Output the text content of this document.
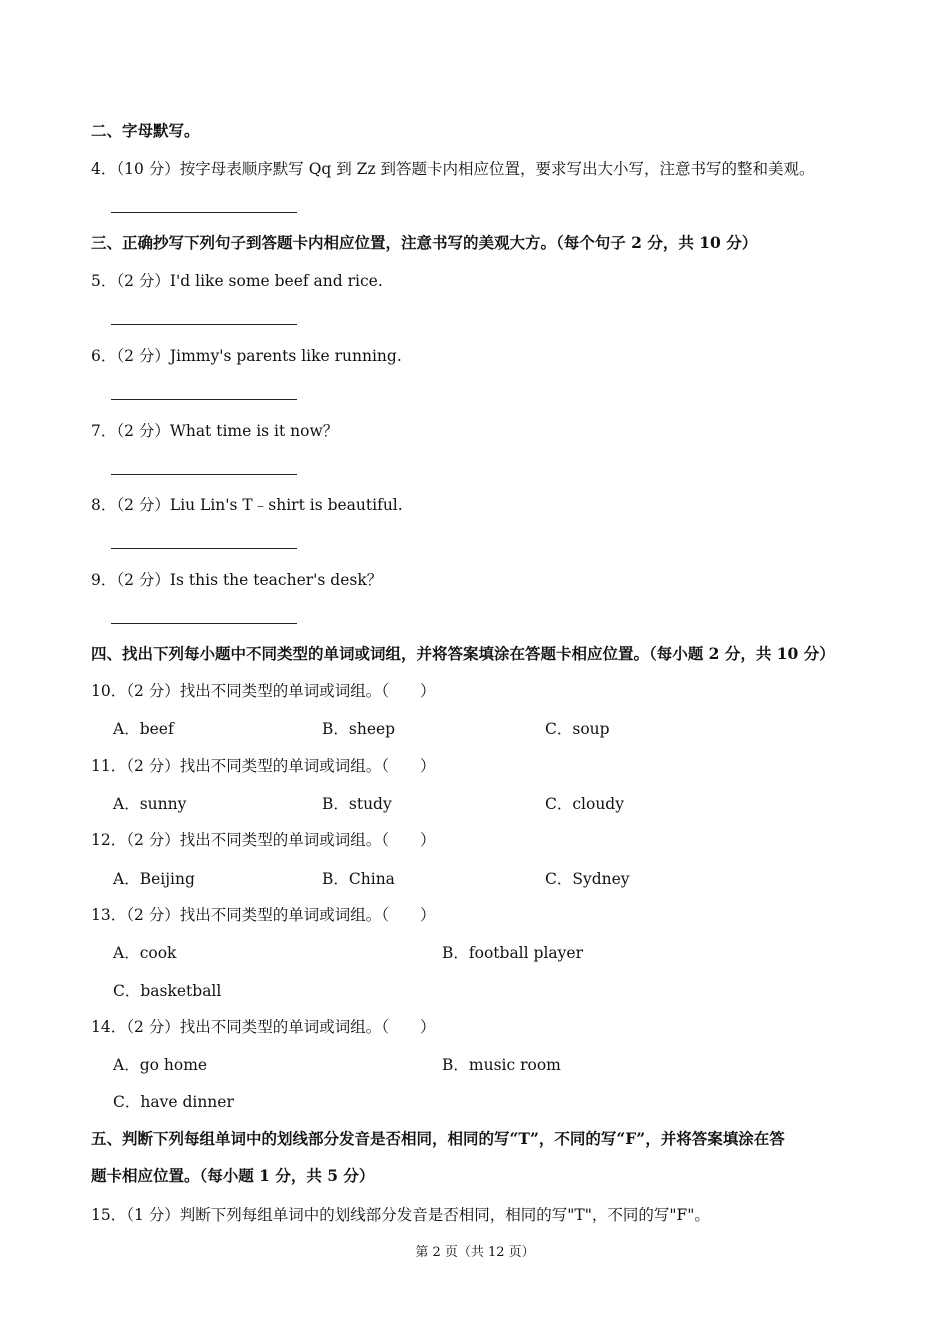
二、字母默写。
4．（10 分）按字母表顺序默写 Qq 到 Zz 到答题卡内相应位置，要求写出大小写，注意书写的整和美观。
三、正确抄写下列句子到答题卡内相应位置，注意书写的美观大方。（每个句子 2 分，共 10 分）
5．（2 分）I'd like some beef and rice.
6．（2 分）Jimmy's parents like running.
7．（2 分）What time is it now？
8．（2 分）Liu Lin's T﹣shirt is beautiful.
9．（2 分）Is this the teacher's desk？
四、找出下列每小题中不同类型的单词或词组，并将答案填涂在答题卡相应位置。（每小题 2 分，共 10 分）
10．（2 分）找出不同类型的单词或词组。（　　）
A．beef	B．sheep	C．soup
11．（2 分）找出不同类型的单词或词组。（　　）
A．sunny	B．study	C．cloudy
12．（2 分）找出不同类型的单词或词组。（　　）
A．Beijing	B．China	C．Sydney
13．（2 分）找出不同类型的单词或词组。（　　）
A．cook	B．football player
C．basketball
14．（2 分）找出不同类型的单词或词组。（　　）
A．go home	B．music room
C．have dinner
五、判断下列每组单词中的划线部分发音是否相同，相同的写“T”，不同的写“F”，并将答案填涂在答
题卡相应位置。（每小题 1 分，共 5 分）
15．（1 分）判断下列每组单词中的划线部分发音是否相同，相同的写"T"，不同的写"F"。
第 2 页（共 12 页）
